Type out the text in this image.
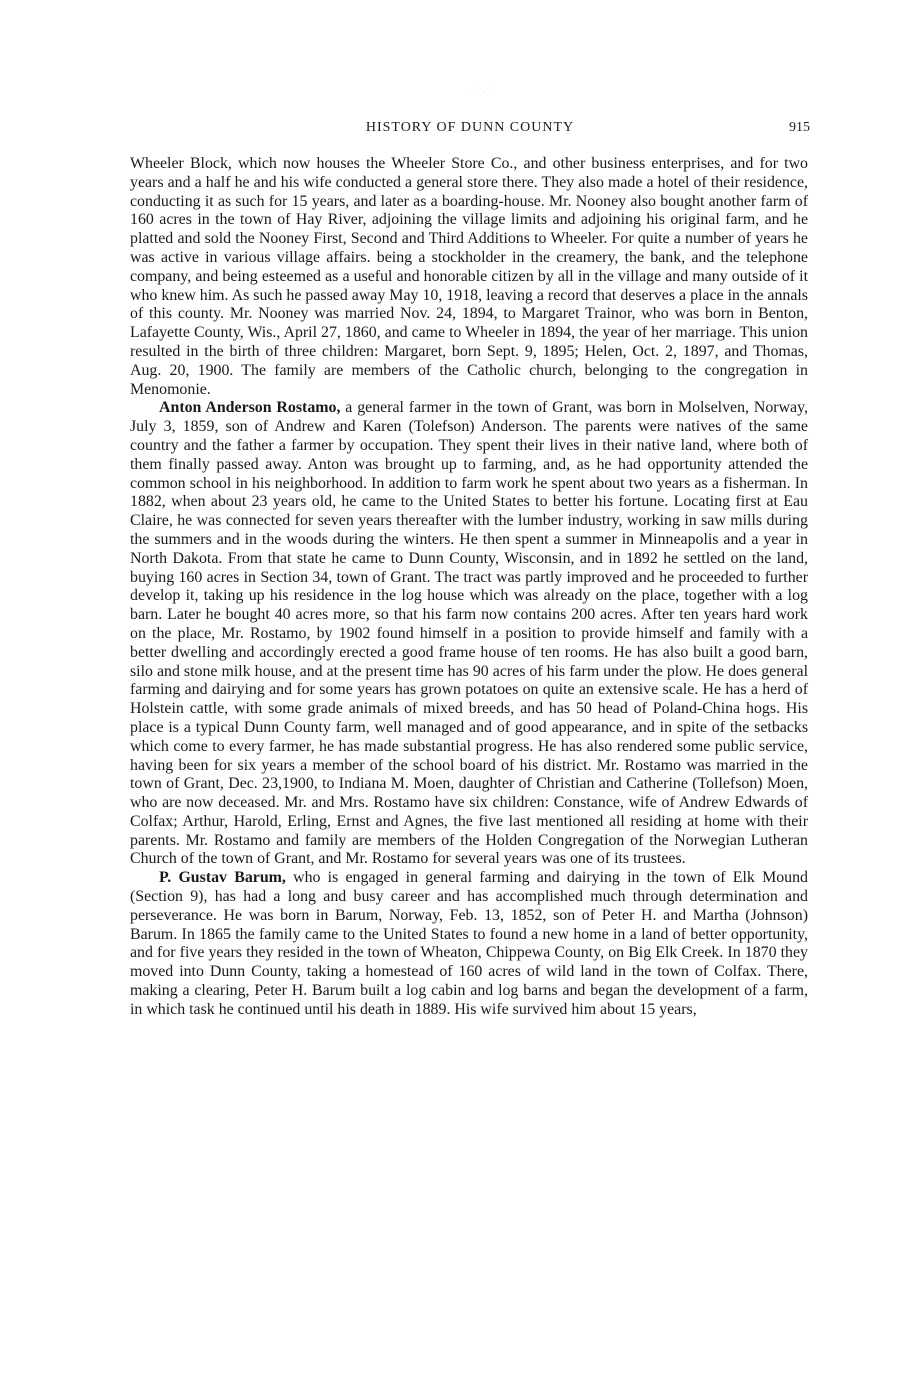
·˙·.·˙
HISTORY OF DUNN COUNTY	915

Wheeler Block, which now houses the Wheeler Store Co., and other business enterprises, and for two years and a half he and his wife conducted a general store there. They also made a hotel of their residence, conducting it as such for 15 years, and later as a boarding-house. Mr. Nooney also bought another farm of 160 acres in the town of Hay River, adjoining the village limits and adjoining his original farm, and he platted and sold the Nooney First, Second and Third Additions to Wheeler. For quite a number of years he was active in various village affairs. being a stockholder in the creamery, the bank, and the telephone company, and being esteemed as a useful and honorable citizen by all in the village and many outside of it who knew him. As such he passed away May 10, 1918, leaving a record that deserves a place in the annals of this county. Mr. Nooney was married Nov. 24, 1894, to Margaret Trainor, who was born in Benton, Lafayette County, Wis., April 27, 1860, and came to Wheeler in 1894, the year of her marriage. This union resulted in the birth of three children: Margaret, born Sept. 9, 1895; Helen, Oct. 2, 1897, and Thomas, Aug. 20, 1900. The family are members of the Catholic church, belonging to the congregation in Menomonie.

Anton Anderson Rostamo, a general farmer in the town of Grant, was born in Molselven, Norway, July 3, 1859, son of Andrew and Karen (Tolefson) Anderson. The parents were natives of the same country and the father a farmer by occupation. They spent their lives in their native land, where both of them finally passed away. Anton was brought up to farming, and, as he had opportunity attended the common school in his neighborhood. In addition to farm work he spent about two years as a fisherman. In 1882, when about 23 years old, he came to the United States to better his fortune. Locating first at Eau Claire, he was connected for seven years thereafter with the lumber industry, working in saw mills during the summers and in the woods during the winters. He then spent a summer in Minneapolis and a year in North Dakota. From that state he came to Dunn County, Wisconsin, and in 1892 he settled on the land, buying 160 acres in Section 34, town of Grant. The tract was partly improved and he proceeded to further develop it, taking up his residence in the log house which was already on the place, together with a log barn. Later he bought 40 acres more, so that his farm now contains 200 acres. After ten years hard work on the place, Mr. Rostamo, by 1902 found himself in a position to provide himself and family with a better dwelling and accordingly erected a good frame house of ten rooms. He has also built a good barn, silo and stone milk house, and at the present time has 90 acres of his farm under the plow. He does general farming and dairying and for some years has grown potatoes on quite an extensive scale. He has a herd of Holstein cattle, with some grade animals of mixed breeds, and has 50 head of Poland-China hogs. His place is a typical Dunn County farm, well managed and of good appearance, and in spite of the setbacks which come to every farmer, he has made substantial progress. He has also rendered some public service, having been for six years a member of the school board of his district. Mr. Rostamo was married in the town of Grant, Dec. 23,1900, to Indiana M. Moen, daughter of Christian and Catherine (Tollefson) Moen, who are now deceased. Mr. and Mrs. Rostamo have six children: Constance, wife of Andrew Edwards of Colfax; Arthur, Harold, Erling, Ernst and Agnes, the five last mentioned all residing at home with their parents. Mr. Rostamo and family are members of the Holden Congregation of the Norwegian Lutheran Church of the town of Grant, and Mr. Rostamo for several years was one of its trustees.

P. Gustav Barum, who is engaged in general farming and dairying in the town of Elk Mound (Section 9), has had a long and busy career and has accomplished much through determination and perseverance. He was born in Barum, Norway, Feb. 13, 1852, son of Peter H. and Martha (Johnson) Barum. In 1865 the family came to the United States to found a new home in a land of better opportunity, and for five years they resided in the town of Wheaton, Chippewa County, on Big Elk Creek. In 1870 they moved into Dunn County, taking a homestead of 160 acres of wild land in the town of Colfax. There, making a clearing, Peter H. Barum built a log cabin and log barns and began the development of a farm, in which task he continued until his death in 1889. His wife survived him about 15 years,
